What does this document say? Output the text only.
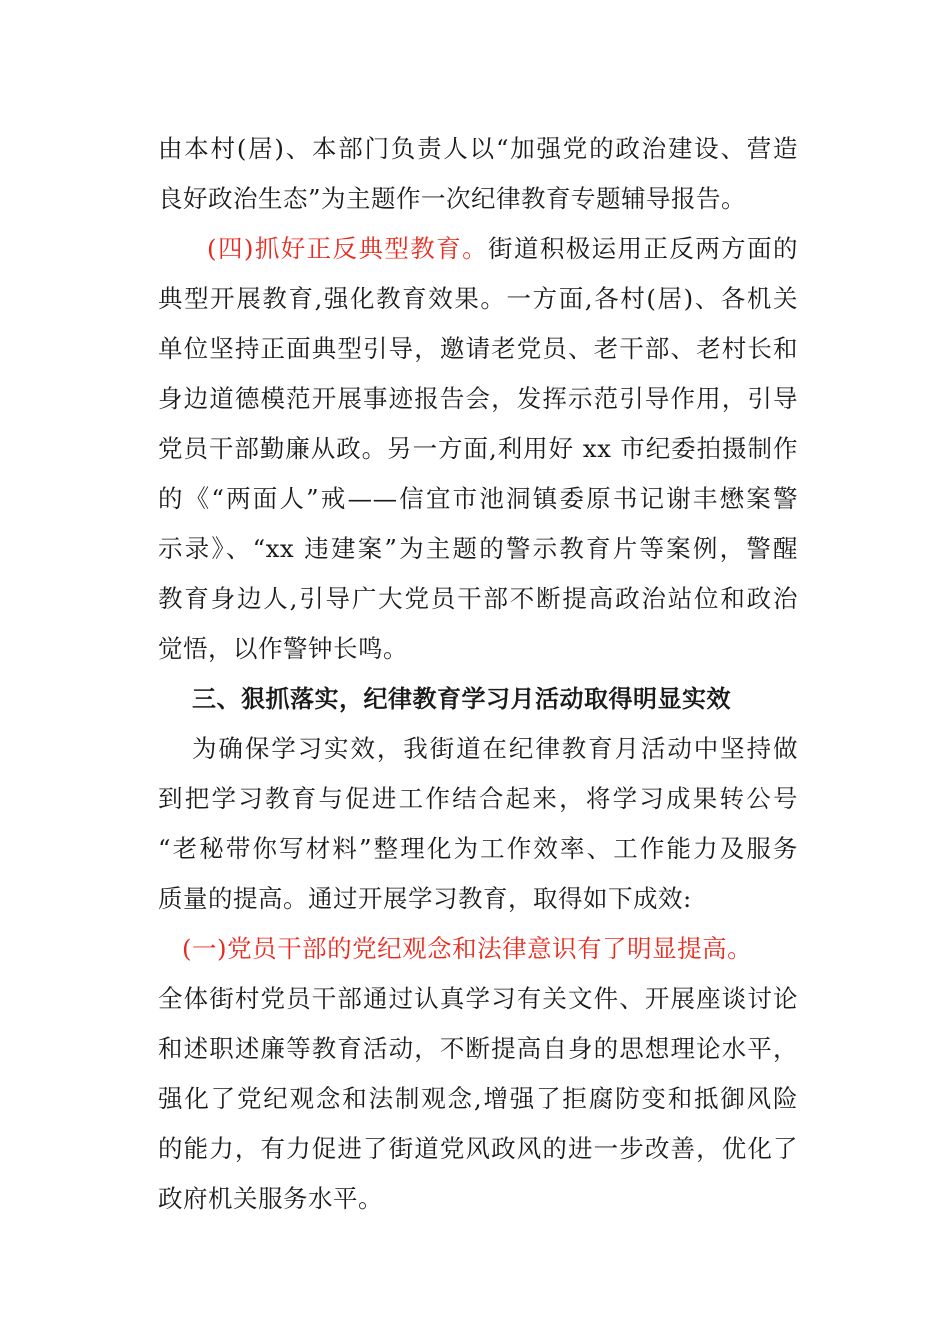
由本村(居)、本部门负责人以“加强党的政治建设、营造
良好政治生态”为主题作一次纪律教育专题辅导报告。
(四)抓好正反典型教育。街道积极运用正反两方面的
典型开展教育,强化教育效果。一方面,各村(居)、各机关
单位坚持正面典型引导，邀请老党员、老干部、老村长和
身边道德模范开展事迹报告会，发挥示范引导作用，引导
党员干部勤廉从政。另一方面,利用好 xx 市纪委拍摄制作
的《“两面人”戒——信宜市池洞镇委原书记谢丰懋案警
示录》、“xx 违建案”为主题的警示教育片等案例，警醒
教育身边人,引导广大党员干部不断提高政治站位和政治
觉悟，以作警钟长鸣。
三、狠抓落实，纪律教育学习月活动取得明显实效
为确保学习实效，我街道在纪律教育月活动中坚持做
到把学习教育与促进工作结合起来，将学习成果转公号
“老秘带你写材料”整理化为工作效率、工作能力及服务
质量的提高。通过开展学习教育，取得如下成效:
(一)党员干部的党纪观念和法律意识有了明显提高。
全体街村党员干部通过认真学习有关文件、开展座谈讨论
和述职述廉等教育活动，不断提高自身的思想理论水平，
强化了党纪观念和法制观念,增强了拒腐防变和抵御风险
的能力，有力促进了街道党风政风的进一步改善，优化了
政府机关服务水平。
